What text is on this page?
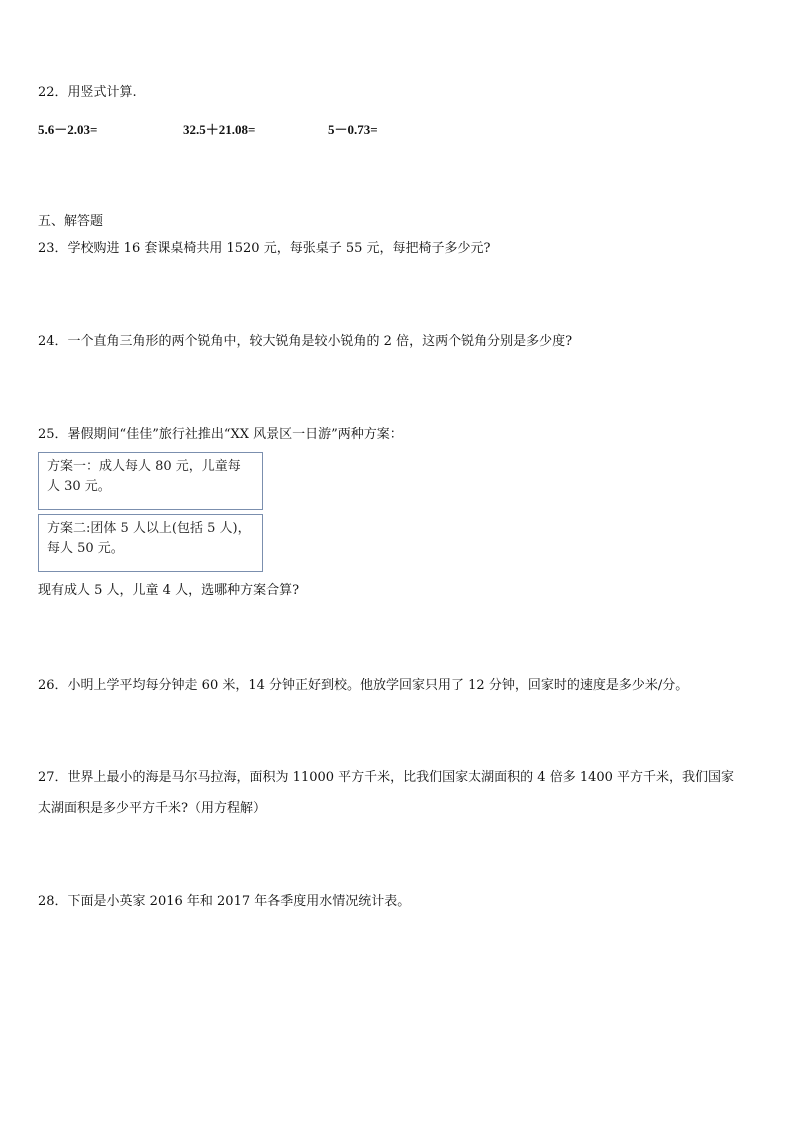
22．用竖式计算.
5.6－2.03=	32.5＋21.08=	5－0.73=
五、解答题
23．学校购进 16 套课桌椅共用 1520 元，每张桌子 55 元，每把椅子多少元?
24．一个直角三角形的两个锐角中，较大锐角是较小锐角的 2 倍，这两个锐角分别是多少度?
25．暑假期间“佳佳”旅行社推出“XX 风景区一日游”两种方案：
方案一：成人每人 80 元，儿童每
人 30 元。
方案二:团体 5 人以上(包括 5 人)，
每人 50 元。
现有成人 5 人，儿童 4 人，选哪种方案合算?
26．小明上学平均每分钟走 60 米，14 分钟正好到校。他放学回家只用了 12 分钟，回家时的速度是多少米/分。
27．世界上最小的海是马尔马拉海，面积为 11000 平方千米，比我们国家太湖面积的 4 倍多 1400 平方千米，我们国家
太湖面积是多少平方千米?（用方程解）
28．下面是小英家 2016 年和 2017 年各季度用水情况统计表。
